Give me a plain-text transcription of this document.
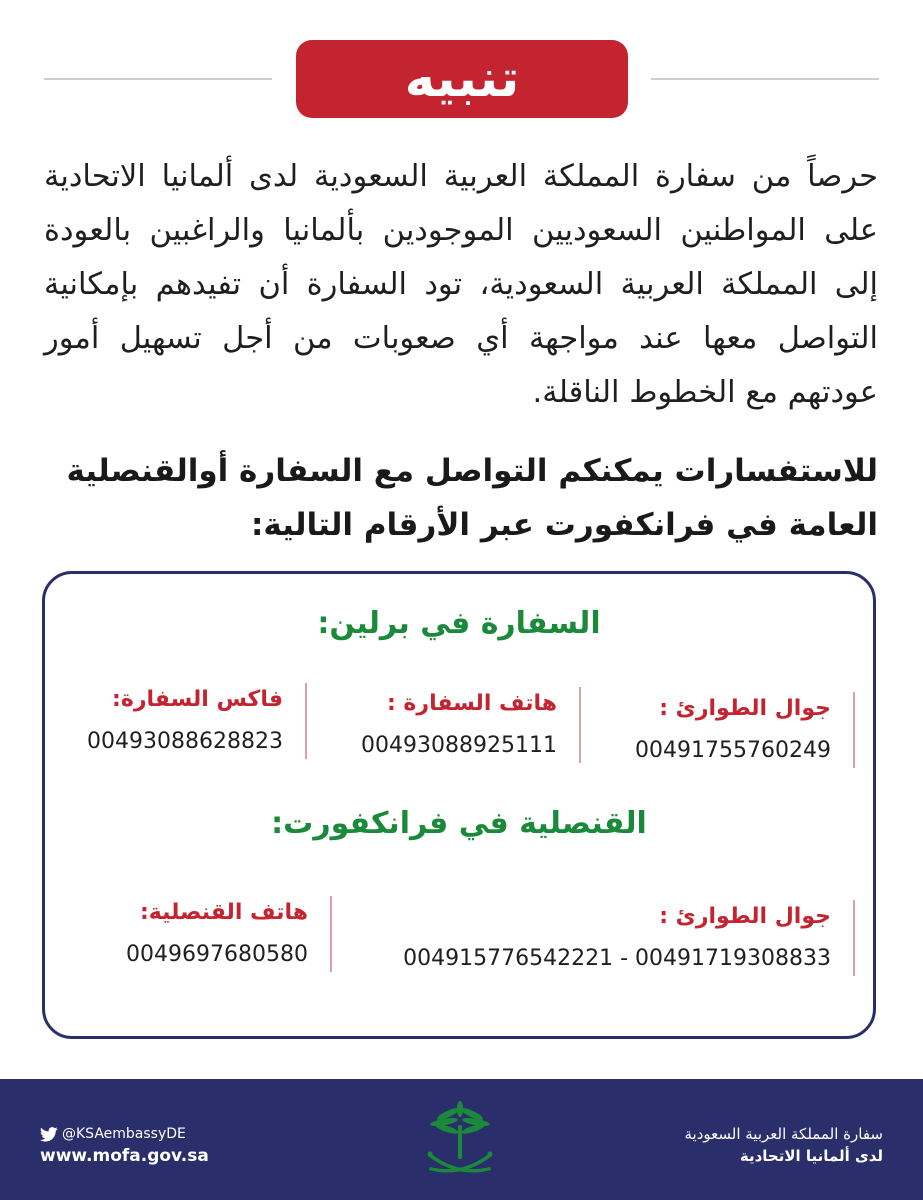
تنبيه

حرصاً من سفارة المملكة العربية السعودية لدى ألمانيا الاتحادية على المواطنين السعوديين الموجودين بألمانيا والراغبين بالعودة إلى المملكة العربية السعودية، تود السفارة أن تفيدهم بإمكانية التواصل معها عند مواجهة أي صعوبات من أجل تسهيل أمور عودتهم مع الخطوط الناقلة.

للاستفسارات يمكنكم التواصل مع السفارة أوالقنصلية العامة في فرانكفورت عبر الأرقام التالية:

السفارة في برلين:
جوال الطوارئ :
00491755760249
هاتف السفارة :
00493088925111
فاكس السفارة:
00493088628823
القنصلية في فرانكفورت:
جوال الطوارئ :
004915776542221 - 00491719308833
هاتف القنصلية:
0049697680580
@KSAembassyDE
www.mofa.gov.sa
سفارة المملكة العربية السعودية
لدى ألمانيا الاتحادية
